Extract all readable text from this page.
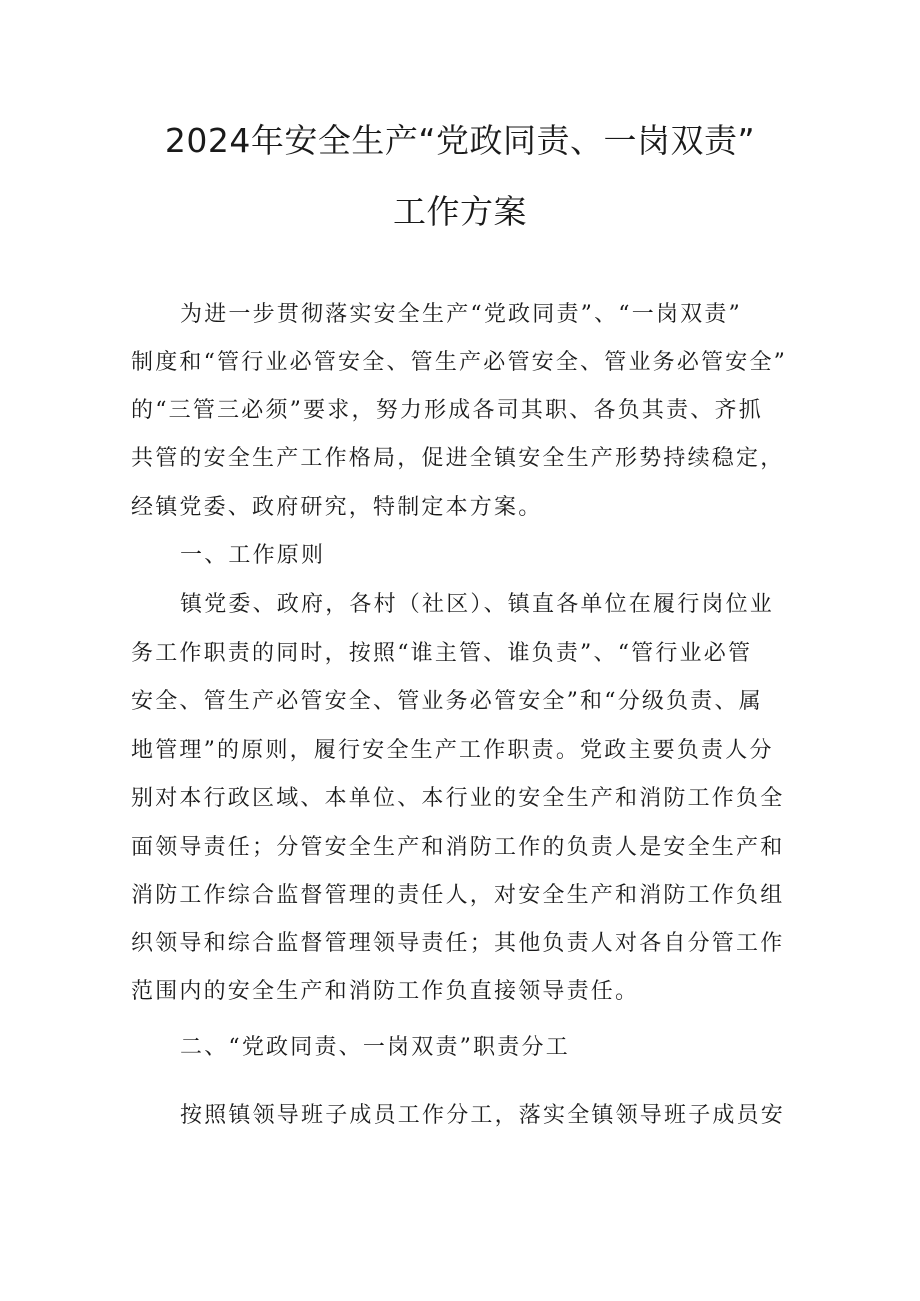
2024年安全生产“党政同责、一岗双责”
工作方案
为进一步贯彻落实安全生产“党政同责”、“一岗双责”
制度和“管行业必管安全、管生产必管安全、管业务必管安全”
的“三管三必须”要求，努力形成各司其职、各负其责、齐抓
共管的安全生产工作格局，促进全镇安全生产形势持续稳定，
经镇党委、政府研究，特制定本方案。
一、工作原则
镇党委、政府，各村（社区）、镇直各单位在履行岗位业
务工作职责的同时，按照“谁主管、谁负责”、“管行业必管
安全、管生产必管安全、管业务必管安全”和“分级负责、属
地管理”的原则，履行安全生产工作职责。党政主要负责人分
别对本行政区域、本单位、本行业的安全生产和消防工作负全
面领导责任；分管安全生产和消防工作的负责人是安全生产和
消防工作综合监督管理的责任人，对安全生产和消防工作负组
织领导和综合监督管理领导责任；其他负责人对各自分管工作
范围内的安全生产和消防工作负直接领导责任。
二、“党政同责、一岗双责”职责分工
按照镇领导班子成员工作分工，落实全镇领导班子成员安
